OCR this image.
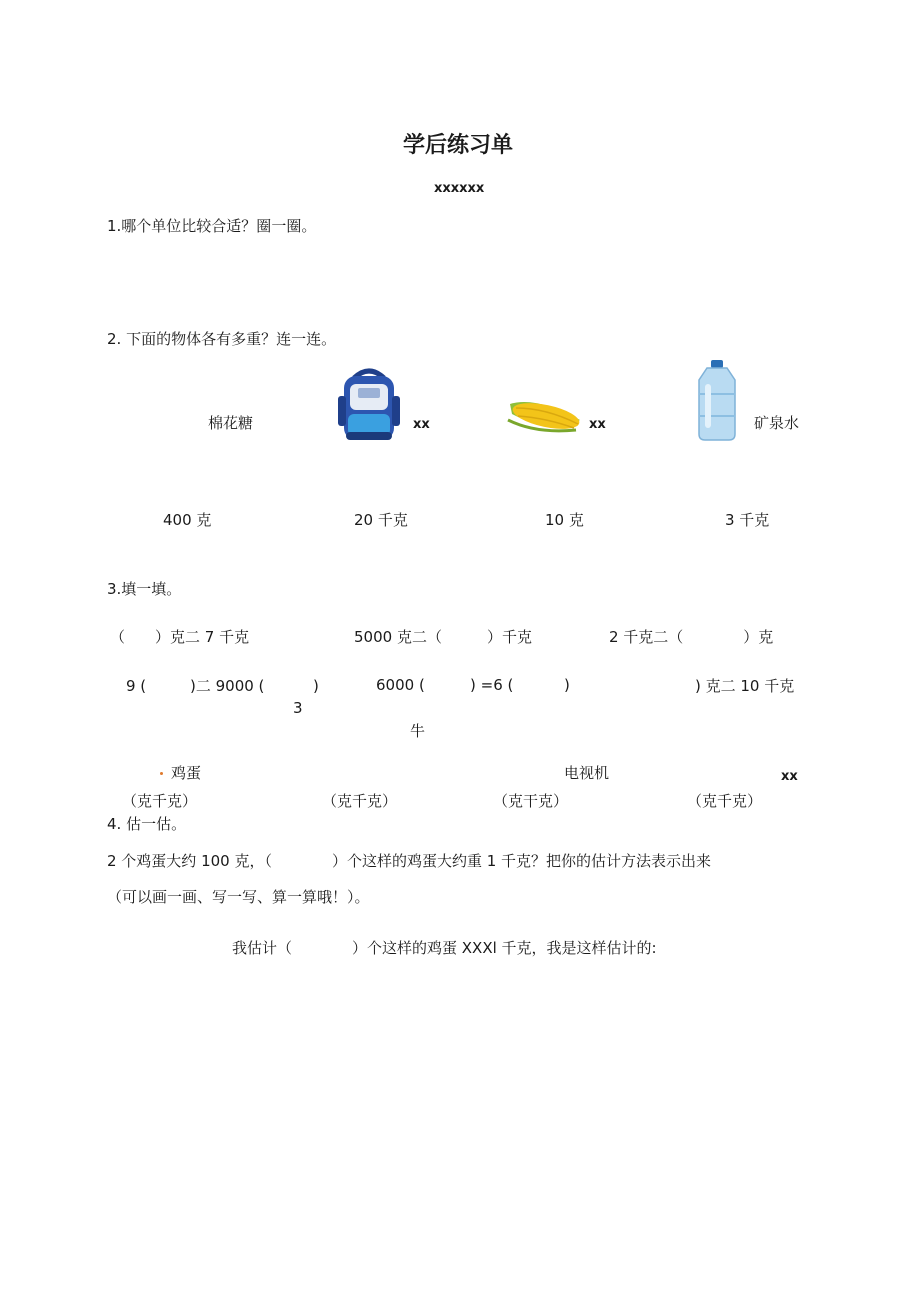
学后练习单
xxxxxx
1.哪个单位比较合适？圈一圈。
2. 下面的物体各有多重？连一连。
棉花糖	xx	xx	矿泉水
400 克	20 千克	10 克	3 千克
3.填一填。
（　　）克二 7 千克	5000 克二（　　　）千克	2 千克二（　　　　）克
9 (	)二 9000 (	)	6000 (	) =6 (	)	) 克二 10 千克
3
牛
鸡蛋	电视机	xx
（克千克）	（克千克）	（克干克）	（克千克）
4. 估一估。
2 个鸡蛋大约 100 克，（　　　　）个这样的鸡蛋大约重 1 千克？把你的估计方法表示出来
（可以画一画、写一写、算一算哦！）。
我估计（　　　　）个这样的鸡蛋 XXXl 千克，我是这样估计的:
